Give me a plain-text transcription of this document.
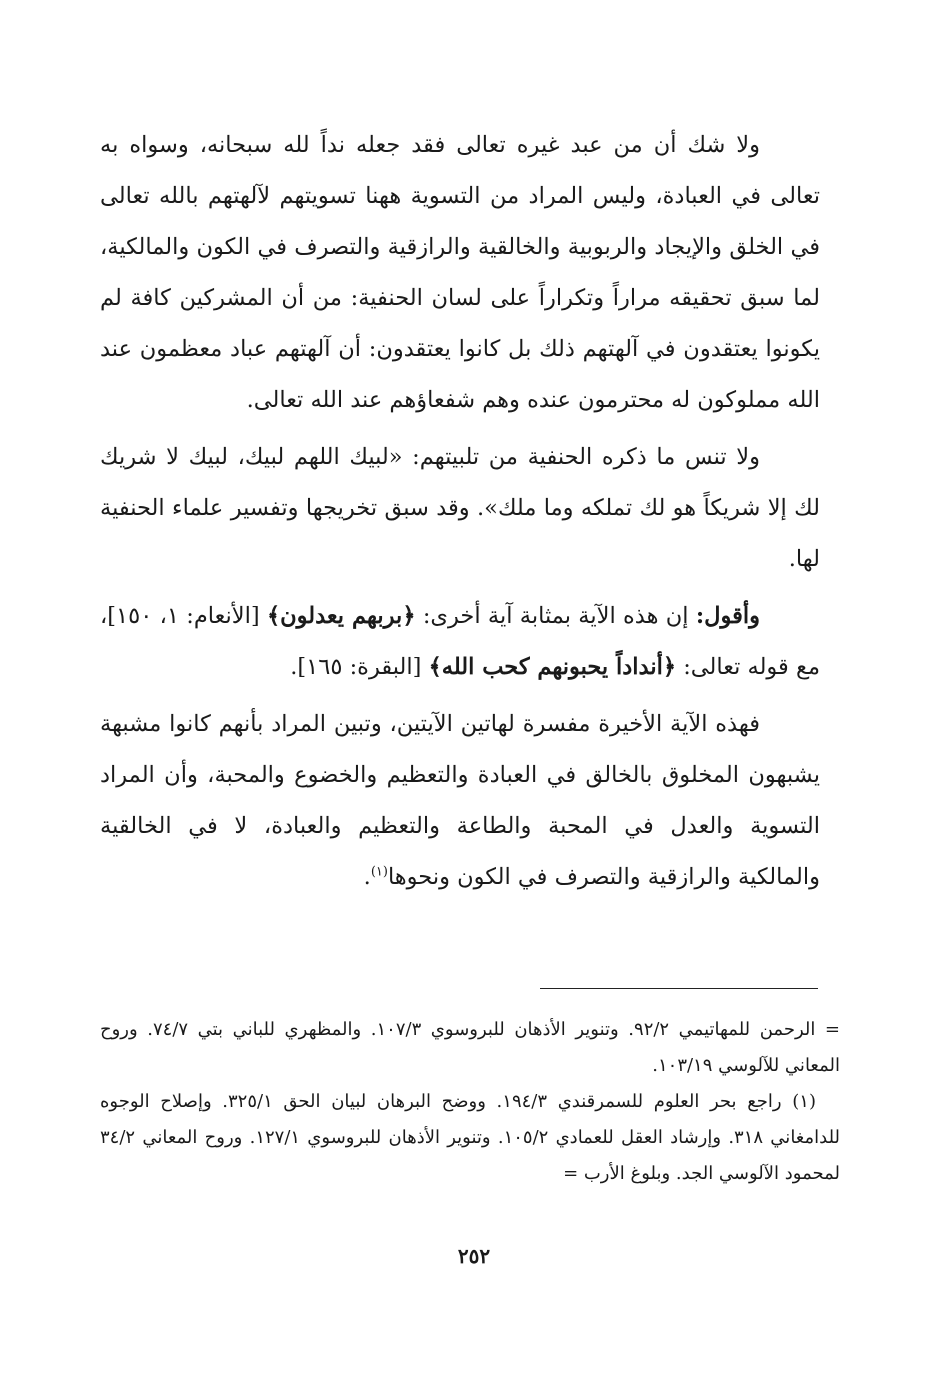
ولا شك أن من عبد غيره تعالى فقد جعله نداً لله سبحانه، وسواه به تعالى في العبادة، وليس المراد من التسوية ههنا تسويتهم لآلهتهم بالله تعالى في الخلق والإيجاد والربوبية والخالقية والرازقية والتصرف في الكون والمالكية، لما سبق تحقيقه مراراً وتكراراً على لسان الحنفية: من أن المشركين كافة لم يكونوا يعتقدون في آلهتهم ذلك بل كانوا يعتقدون: أن آلهتهم عباد معظمون عند الله مملوكون له محترمون عنده وهم شفعاؤهم عند الله تعالى.

ولا تنس ما ذكره الحنفية من تلبيتهم: «لبيك اللهم لبيك، لبيك لا شريك لك إلا شريكاً هو لك تملكه وما ملك». وقد سبق تخريجها وتفسير علماء الحنفية لها.

وأقول: إن هذه الآية بمثابة آية أخرى: ﴿بربهم يعدلون﴾ [الأنعام: ١، ١٥٠]، مع قوله تعالى: ﴿أنداداً يحبونهم كحب الله﴾ [البقرة: ١٦٥].

فهذه الآية الأخيرة مفسرة لهاتين الآيتين، وتبين المراد بأنهم كانوا مشبهة يشبهون المخلوق بالخالق في العبادة والتعظيم والخضوع والمحبة، وأن المراد التسوية والعدل في المحبة والطاعة والتعظيم والعبادة، لا في الخالقية والمالكية والرازقية والتصرف في الكون ونحوها$^{(١)}$.

= الرحمن للمهاتيمي ٩٢/٢. وتنوير الأذهان للبروسوي ١٠٧/٣. والمظهري للباني بتي ٧٤/٧. وروح المعاني للآلوسي ١٠٣/١٩.

(١) راجع بحر العلوم للسمرقندي ١٩٤/٣. ووضح البرهان لبيان الحق ٣٢٥/١. وإصلاح الوجوه للدامغاني ٣١٨. وإرشاد العقل للعمادي ١٠٥/٢. وتنوير الأذهان للبروسوي ١٢٧/١. وروح المعاني ٣٤/٢ لمحمود الآلوسي الجد. وبلوغ الأرب =

٢٥٢
